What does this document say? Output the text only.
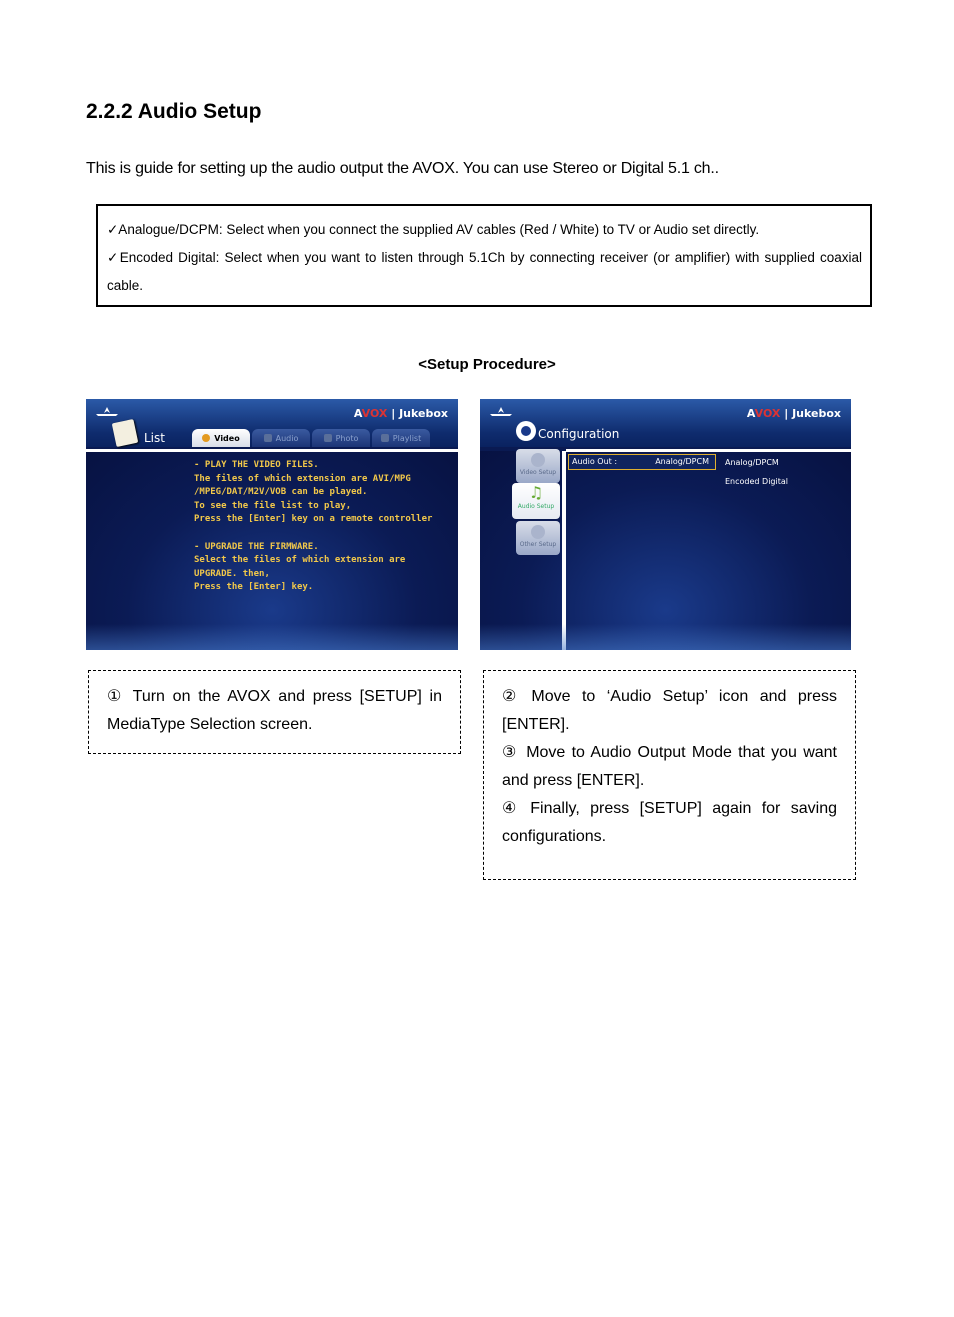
2.2.2 Audio Setup
This is guide for setting up the audio output the AVOX. You can use Stereo or Digital 5.1 ch..
✓Analogue/DCPM: Select when you connect the supplied AV cables (Red / White) to TV or Audio set directly.
✓Encoded Digital: Select when you want to listen through 5.1Ch by connecting receiver (or amplifier) with supplied coaxial cable.
<Setup Procedure>
AVOX | Jukebox
List	Video	Audio	Photo	Playlist
- PLAY THE VIDEO FILES.
The files of which extension are AVI/MPG
/MPEG/DAT/M2V/VOB can be played.
To see the file list to play,
Press the [Enter] key on a remote controller

- UPGRADE THE FIRMWARE.
Select the files of which extension are
UPGRADE. then,
Press the [Enter] key.
AVOX | Jukebox
Configuration
Video Setup
♫
Audio Setup
Other Setup
Audio Out :	Analog/DPCM Analog/DPCM
Encoded Digital
① Turn on the AVOX and press [SETUP] in MediaType Selection screen.
② Move to ‘Audio Setup’ icon and press [ENTER].
③ Move to Audio Output Mode that you want and press [ENTER].
④ Finally, press [SETUP] again for saving configurations.
